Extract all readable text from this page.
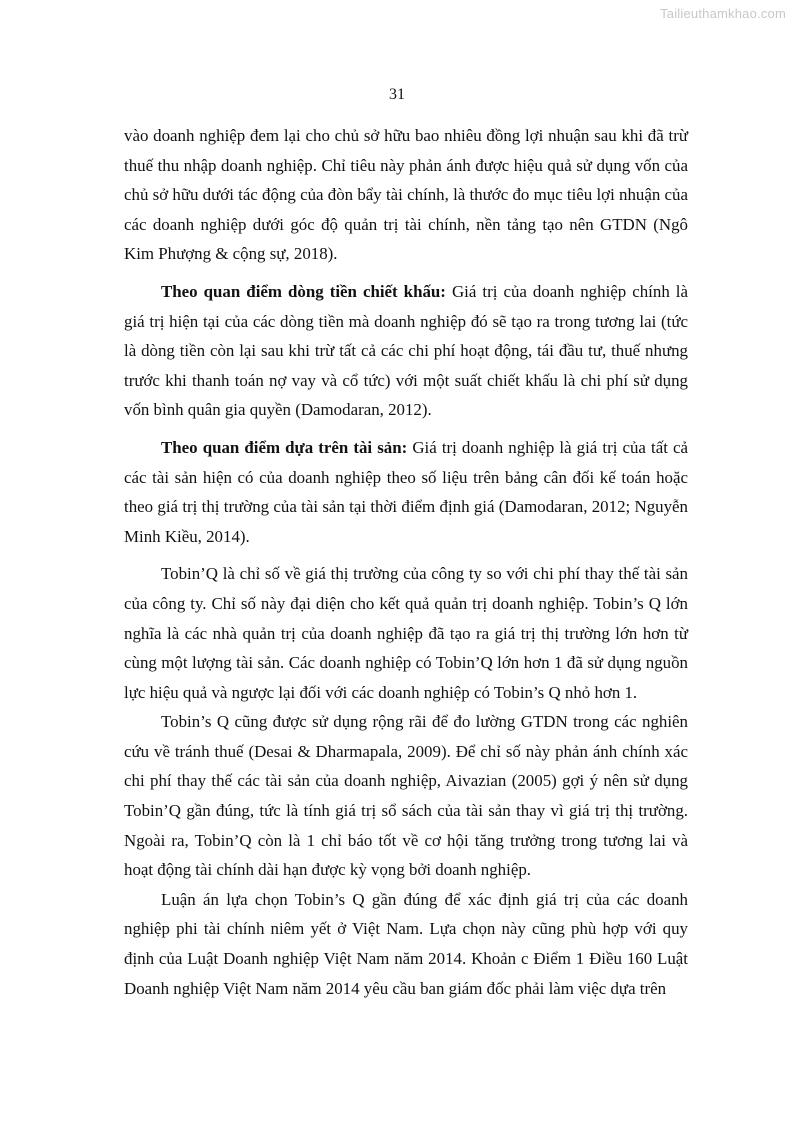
Tailieuthamkhao.com
31

vào doanh nghiệp đem lại cho chủ sở hữu bao nhiêu đồng lợi nhuận sau khi đã trừ thuế thu nhập doanh nghiệp. Chỉ tiêu này phản ánh được hiệu quả sử dụng vốn của chủ sở hữu dưới tác động của đòn bẩy tài chính, là thước đo mục tiêu lợi nhuận của các doanh nghiệp dưới góc độ quản trị tài chính, nền tảng tạo nên GTDN (Ngô Kim Phượng & cộng sự, 2018).

Theo quan điểm dòng tiền chiết khấu: Giá trị của doanh nghiệp chính là giá trị hiện tại của các dòng tiền mà doanh nghiệp đó sẽ tạo ra trong tương lai (tức là dòng tiền còn lại sau khi trừ tất cả các chi phí hoạt động, tái đầu tư, thuế nhưng trước khi thanh toán nợ vay và cổ tức) với một suất chiết khấu là chi phí sử dụng vốn bình quân gia quyền (Damodaran, 2012).

Theo quan điểm dựa trên tài sản: Giá trị doanh nghiệp là giá trị của tất cả các tài sản hiện có của doanh nghiệp theo số liệu trên bảng cân đối kế toán hoặc theo giá trị thị trường của tài sản tại thời điểm định giá (Damodaran, 2012; Nguyễn Minh Kiều, 2014).

Tobin’Q là chỉ số về giá thị trường của công ty so với chi phí thay thế tài sản của công ty. Chỉ số này đại diện cho kết quả quản trị doanh nghiệp. Tobin’s Q lớn nghĩa là các nhà quản trị của doanh nghiệp đã tạo ra giá trị thị trường lớn hơn từ cùng một lượng tài sản. Các doanh nghiệp có Tobin’Q lớn hơn 1 đã sử dụng nguồn lực hiệu quả và ngược lại đối với các doanh nghiệp có Tobin’s Q nhỏ hơn 1.

Tobin’s Q cũng được sử dụng rộng rãi để đo lường GTDN trong các nghiên cứu về tránh thuế (Desai & Dharmapala, 2009). Để chỉ số này phản ánh chính xác chi phí thay thế các tài sản của doanh nghiệp, Aivazian (2005) gợi ý nên sử dụng Tobin’Q gần đúng, tức là tính giá trị sổ sách của tài sản thay vì giá trị thị trường. Ngoài ra, Tobin’Q còn là 1 chỉ báo tốt về cơ hội tăng trưởng trong tương lai và hoạt động tài chính dài hạn được kỳ vọng bởi doanh nghiệp.

Luận án lựa chọn Tobin’s Q gần đúng để xác định giá trị của các doanh nghiệp phi tài chính niêm yết ở Việt Nam. Lựa chọn này cũng phù hợp với quy định của Luật Doanh nghiệp Việt Nam năm 2014. Khoản c Điểm 1 Điều 160 Luật Doanh nghiệp Việt Nam năm 2014 yêu cầu ban giám đốc phải làm việc dựa trên
